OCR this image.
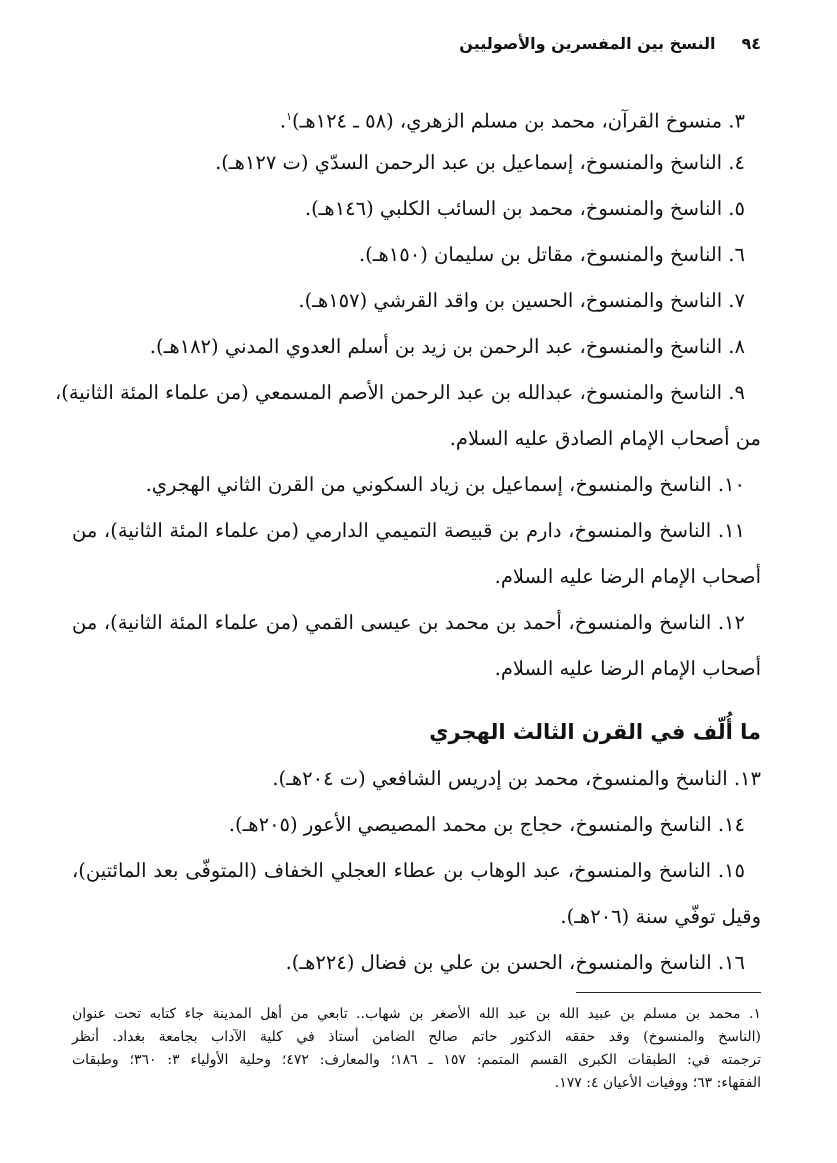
٩٤
النسخ بين المفسرين والأصوليين
٣. منسوخ القرآن، محمد بن مسلم الزهري، (٥٨ ـ ١٢٤هـ)$^١$.
٤. الناسخ والمنسوخ، إسماعيل بن عبد الرحمن السدّي (ت ١٢٧هـ).
٥. الناسخ والمنسوخ، محمد بن السائب الكلبي (١٤٦هـ).
٦. الناسخ والمنسوخ، مقاتل بن سليمان (١٥٠هـ).
٧. الناسخ والمنسوخ، الحسين بن واقد القرشي (١٥٧هـ).
٨. الناسخ والمنسوخ، عبد الرحمن بن زيد بن أسلم العدوي المدني (١٨٢هـ).
٩. الناسخ والمنسوخ، عبدالله بن عبد الرحمن الأصم المسمعي (من علماء المئة الثانية)،
من أصحاب الإمام الصادق عليه السلام.
١٠. الناسخ والمنسوخ، إسماعيل بن زياد السكوني من القرن الثاني الهجري.
١١. الناسخ والمنسوخ، دارم بن قبيصة التميمي الدارمي (من علماء المئة الثانية)، من
أصحاب الإمام الرضا عليه السلام.
١٢. الناسخ والمنسوخ، أحمد بن محمد بن عيسى القمي (من علماء المئة الثانية)، من
أصحاب الإمام الرضا عليه السلام.
ما أُلّف في القرن الثالث الهجري
١٣. الناسخ والمنسوخ، محمد بن إدريس الشافعي (ت ٢٠٤هـ).
١٤. الناسخ والمنسوخ، حجاج بن محمد المصيصي الأعور (٢٠٥هـ).
١٥. الناسخ والمنسوخ، عبد الوهاب بن عطاء العجلي الخفاف (المتوفّى بعد المائتين)،
وقيل توفّي سنة (٢٠٦هـ).
١٦. الناسخ والمنسوخ، الحسن بن علي بن فضال (٢٢٤هـ).
١. محمد بن مسلم بن عبيد الله بن عبد الله الأصغر بن شهاب.. تابعي من أهل المدينة جاء كتابه تحت عنوان
(الناسخ والمنسوخ) وقد حققه الدكتور حاتم صالح الضامن أستاذ في كلية الآداب بجامعة بغداد. أنظر
ترجمته في: الطبقات الكبرى القسم المتمم: ١٥٧ ـ ١٨٦؛ والمعارف: ٤٧٢؛ وحلية الأولياء ٣: ٣٦٠؛ وطبقات
الفقهاء: ٦٣؛ ووفيات الأعيان ٤: ١٧٧.
